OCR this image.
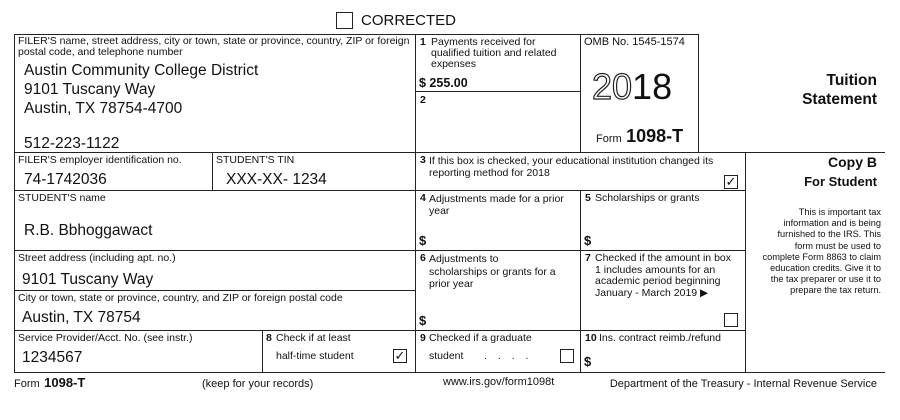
CORRECTED
FILER'S name, street address, city or town, state or province, country, ZIP or foreign postal code, and telephone number
Austin Community College District
9101 Tuscany Way
Austin, TX 78754-4700
512-223-1122
1 Payments received for qualified tuition and related expenses
$ 255.00
2
OMB No. 1545-1574
2018
Form 1098-T
Tuition
Statement
FILER'S employer identification no.
74-1742036
STUDENT'S TIN
XXX-XX- 1234
3 If this box is checked, your educational institution changed its reporting method for 2018
✓
Copy B
For Student
This is important tax information and is being furnished to the IRS. This form must be used to complete Form 8863 to claim education credits. Give it to the tax preparer or use it to prepare the tax return.
STUDENT'S name
R.B. Bbhoggawact
4 Adjustments made for a prior year
$
5 Scholarships or grants
$
Street address (including apt. no.)
9101 Tuscany Way
City or town, state or province, country, and ZIP or foreign postal code
Austin, TX 78754
6 Adjustments to scholarships or grants for a prior year
$
7 Checked if the amount in box 1 includes amounts for an academic period beginning January - March 2019 ▶
Service Provider/Acct. No. (see instr.)
1234567
8 Check if at least
half-time student	✓
9 Checked if a graduate
student . . . .
10 Ins. contract reimb./refund
$
Form 1098-T	(keep for your records)	www.irs.gov/form1098t	Department of the Treasury - Internal Revenue Service
